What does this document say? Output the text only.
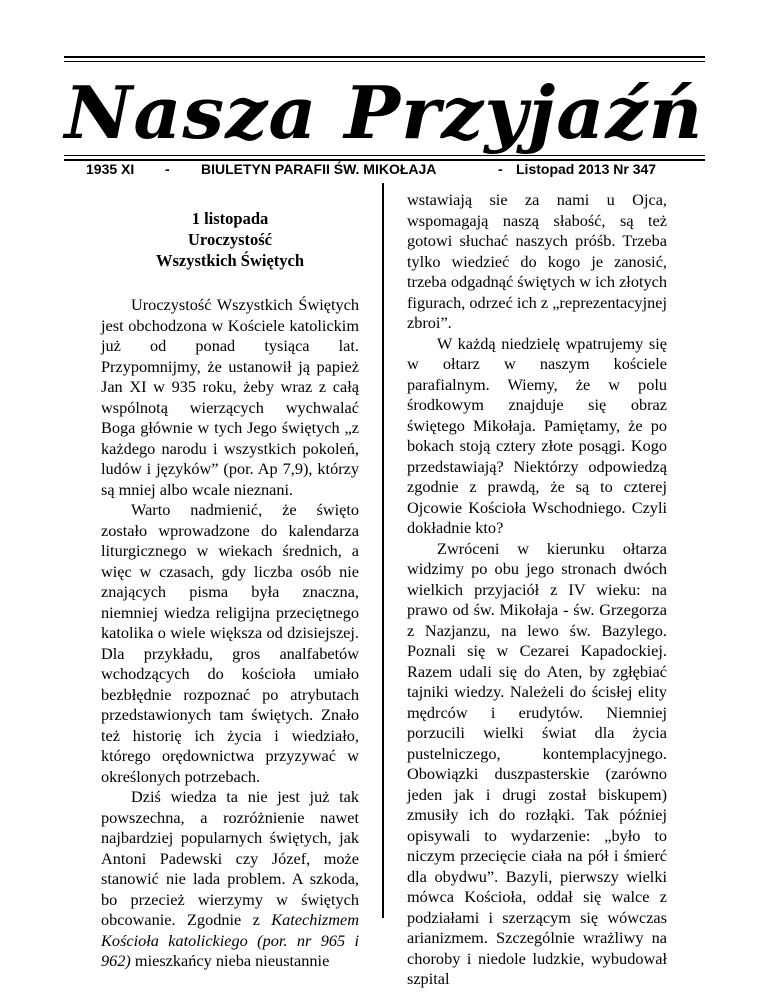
Nasza Przyjaźń
1935 XI - BIULETYN PARAFII ŚW. MIKOŁAJA	- Listopad 2013 Nr 347
1 listopada
Uroczystość
Wszystkich Świętych

Uroczystość Wszystkich Świętych jest obchodzona w Kościele katolickim już od ponad tysiąca lat. Przypomnijmy, że ustanowił ją papież Jan XI w 935 roku, żeby wraz z całą wspólnotą wierzących wychwalać Boga głównie w tych Jego świętych „z każdego narodu i wszystkich pokoleń, ludów i języków” (por. Ap 7,9), którzy są mniej albo wcale nieznani.

Warto nadmienić, że święto zostało wprowadzone do kalendarza liturgicznego w wiekach średnich, a więc w czasach, gdy liczba osób nie znających pisma była znaczna, niemniej wiedza religijna przeciętnego katolika o wiele większa od dzisiejszej. Dla przykładu, gros analfabetów wchodzących do kościoła umiało bezbłędnie rozpoznać po atrybutach przedstawionych tam świętych. Znało też historię ich życia i wiedziało, którego orędownictwa przyzywać w określonych potrzebach.

Dziś wiedza ta nie jest już tak powszechna, a rozróżnienie nawet najbardziej popularnych świętych, jak Antoni Padewski czy Józef, może stanowić nie lada problem. A szkoda, bo przecież wierzymy w świętych obcowanie. Zgodnie z Katechizmem Kościoła katolickiego (por. nr 965 i 962) mieszkańcy nieba nieustannie

wstawiają sie za nami u Ojca, wspomagają naszą słabość, są też gotowi słuchać naszych próśb. Trzeba tylko wiedzieć do kogo je zanosić, trzeba odgadnąć świętych w ich złotych figurach, odrzeć ich z „reprezentacyjnej zbroi”.

W każdą niedzielę wpatrujemy się w ołtarz w naszym kościele parafialnym. Wiemy, że w polu środkowym znajduje się obraz świętego Mikołaja. Pamiętamy, że po bokach stoją cztery złote posągi. Kogo przedstawiają? Niektórzy odpowiedzą zgodnie z prawdą, że są to czterej Ojcowie Kościoła Wschodniego. Czyli dokładnie kto?

Zwróceni w kierunku ołtarza widzimy po obu jego stronach dwóch wielkich przyjaciół z IV wieku: na prawo od św. Mikołaja - św. Grzegorza z Nazjanzu, na lewo św. Bazylego. Poznali się w Cezarei Kapadockiej. Razem udali się do Aten, by zgłębiać tajniki wiedzy. Należeli do ścisłej elity mędrców i erudytów. Niemniej porzucili wielki świat dla życia pustelniczego, kontemplacyjnego. Obowiązki duszpasterskie (zarówno jeden jak i drugi został biskupem) zmusiły ich do rozłąki. Tak później opisywali to wydarzenie: „było to niczym przecięcie ciała na pół i śmierć dla obydwu”. Bazyli, pierwszy wielki mówca Kościoła, oddał się walce z podziałami i szerzącym się wówczas arianizmem. Szczególnie wrażliwy na choroby i niedole ludzkie, wybudował szpital
